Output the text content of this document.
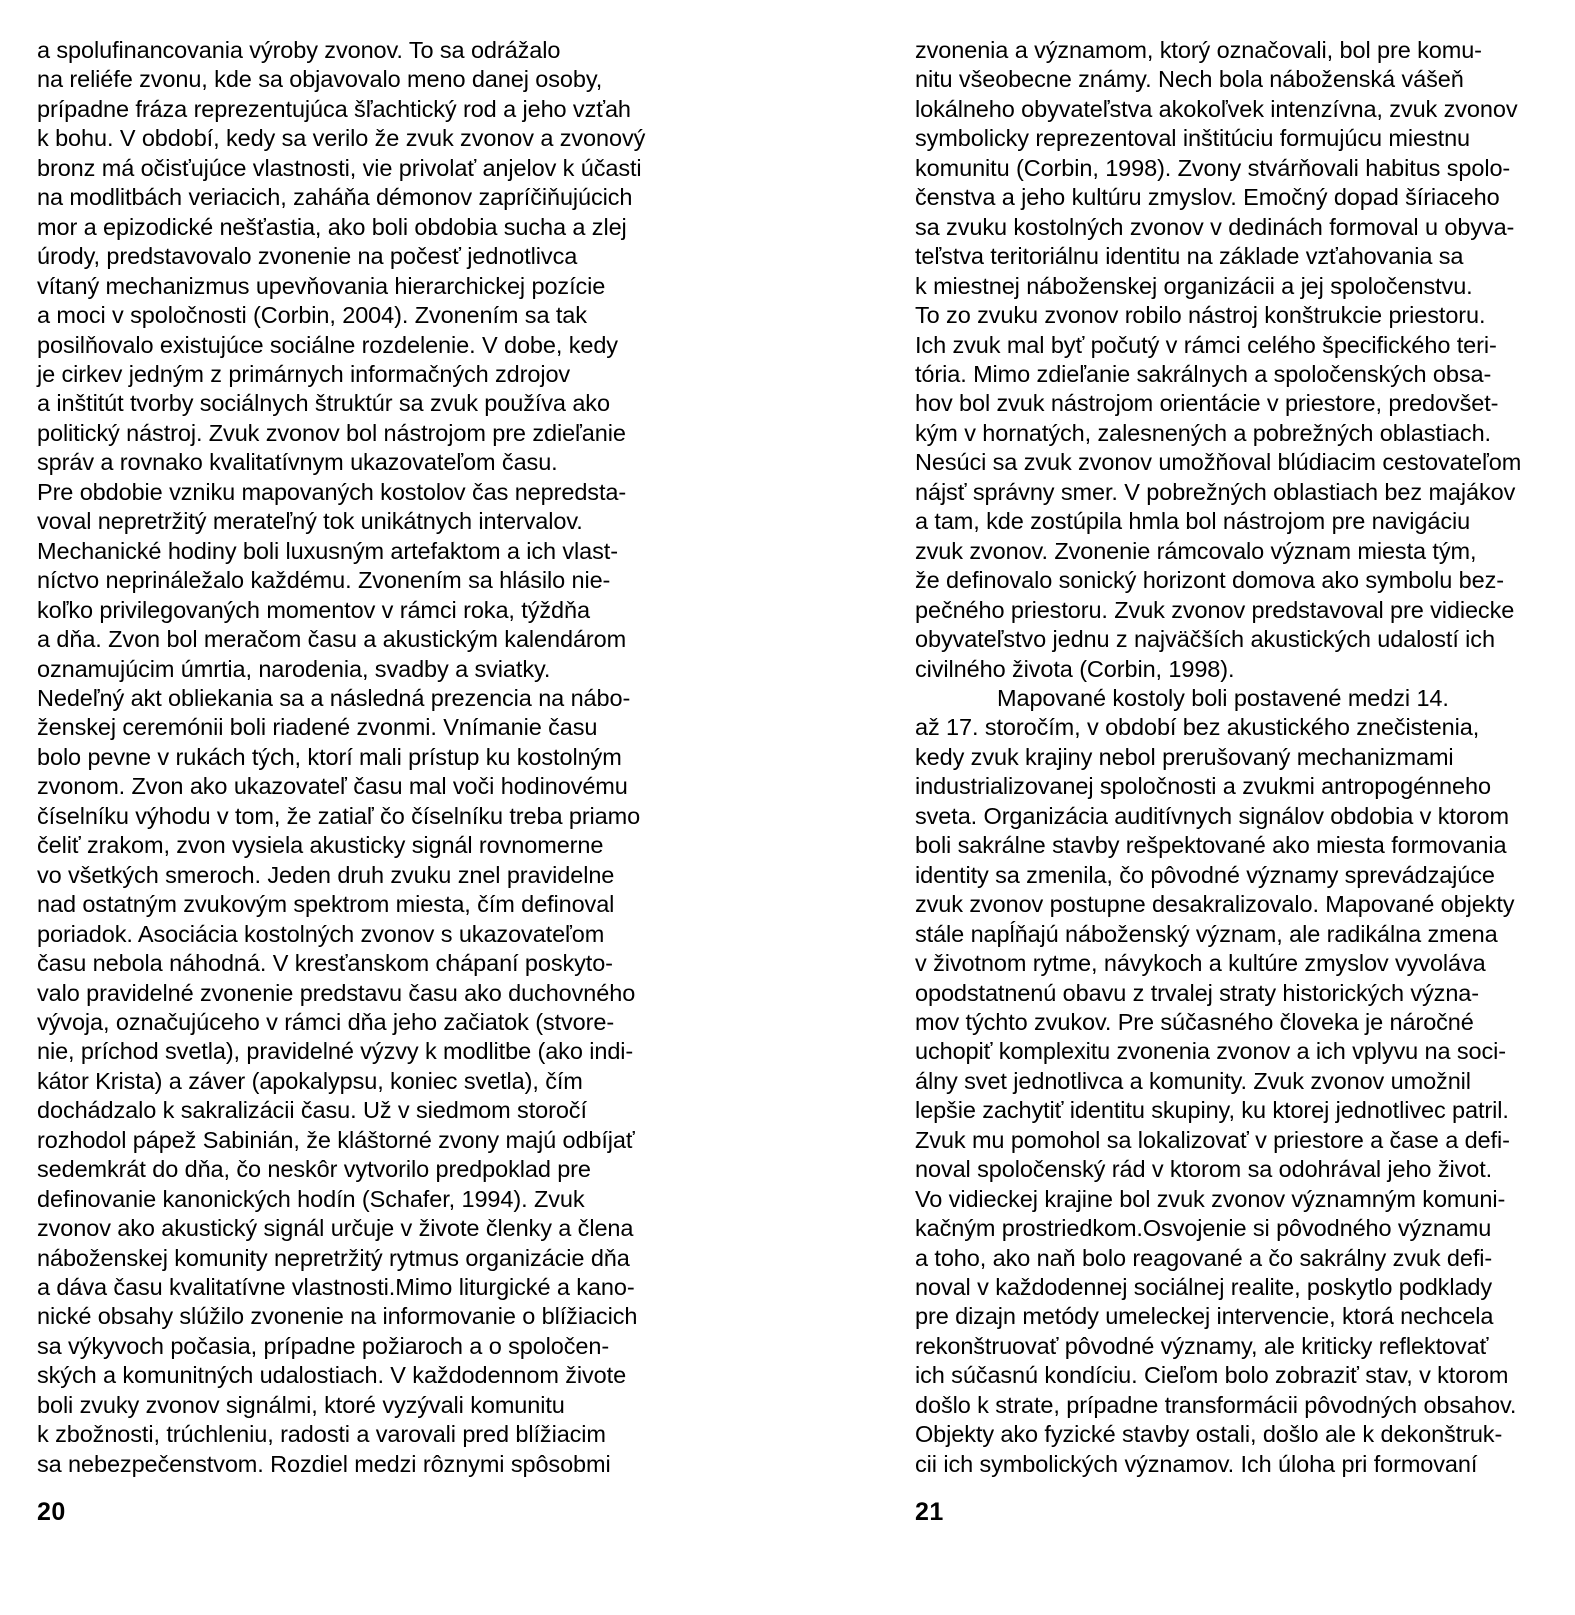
a spolufinancovania výroby zvonov. To sa odrážalo
na reliéfe zvonu, kde sa objavovalo meno danej osoby,
prípadne fráza reprezentujúca šľachtický rod a jeho vzťah
k bohu. V období, kedy sa verilo že zvuk zvonov a zvonový
bronz má očisťujúce vlastnosti, vie privolať anjelov k účasti
na modlitbách veriacich, zaháňa démonov zapríčiňujúcich
mor a epizodické nešťastia, ako boli obdobia sucha a zlej
úrody, predstavovalo zvonenie na počesť jednotlivca
vítaný mechanizmus upevňovania hierarchickej pozície
a moci v spoločnosti (Corbin, 2004). Zvonením sa tak
posilňovalo existujúce sociálne rozdelenie. V dobe, kedy
je cirkev jedným z primárnych informačných zdrojov
a inštitút tvorby sociálnych štruktúr sa zvuk používa ako
politický nástroj. Zvuk zvonov bol nástrojom pre zdieľanie
správ a rovnako kvalitatívnym ukazovateľom času.
Pre obdobie vzniku mapovaných kostolov čas nepredsta-
voval nepretržitý merateľný tok unikátnych intervalov.
Mechanické hodiny boli luxusným artefaktom a ich vlast-
níctvo neprináležalo každému. Zvonením sa hlásilo nie-
koľko privilegovaných momentov v rámci roka, týždňa
a dňa. Zvon bol meračom času a akustickým kalendárom
oznamujúcim úmrtia, narodenia, svadby a sviatky.
Nedeľný akt obliekania sa a následná prezencia na nábo-
ženskej ceremónii boli riadené zvonmi. Vnímanie času
bolo pevne v rukách tých, ktorí mali prístup ku kostolným
zvonom. Zvon ako ukazovateľ času mal voči hodinovému
číselníku výhodu v tom, že zatiaľ čo číselníku treba priamo
čeliť zrakom, zvon vysiela akusticky signál rovnomerne
vo všetkých smeroch. Jeden druh zvuku znel pravidelne
nad ostatným zvukovým spektrom miesta, čím definoval
poriadok. Asociácia kostolných zvonov s ukazovateľom
času nebola náhodná. V kresťanskom chápaní poskyto-
valo pravidelné zvonenie predstavu času ako duchovného
vývoja, označujúceho v rámci dňa jeho začiatok (stvore-
nie, príchod svetla), pravidelné výzvy k modlitbe (ako indi-
kátor Krista) a záver (apokalypsu, koniec svetla), čím
dochádzalo k sakralizácii času. Už v siedmom storočí
rozhodol pápež Sabinián, že kláštorné zvony majú odbíjať
sedemkrát do dňa, čo neskôr vytvorilo predpoklad pre
definovanie kanonických hodín (Schafer, 1994). Zvuk
zvonov ako akustický signál určuje v živote členky a člena
náboženskej komunity nepretržitý rytmus organizácie dňa
a dáva času kvalitatívne vlastnosti.Mimo liturgické a kano-
nické obsahy slúžilo zvonenie na informovanie o blížiacich
sa výkyvoch počasia, prípadne požiaroch a o spoločen-
ských a komunitných udalostiach. V každodennom živote
boli zvuky zvonov signálmi, ktoré vyzývali komunitu
k zbožnosti, trúchleniu, radosti a varovali pred blížiacim
sa nebezpečenstvom. Rozdiel medzi rôznymi spôsobmi
20
zvonenia a významom, ktorý označovali, bol pre komu-
nitu všeobecne známy. Nech bola náboženská vášeň
lokálneho obyvateľstva akokoľvek intenzívna, zvuk zvonov
symbolicky reprezentoval inštitúciu formujúcu miestnu
komunitu (Corbin, 1998). Zvony stvárňovali habitus spolo-
čenstva a jeho kultúru zmyslov. Emočný dopad šíriaceho
sa zvuku kostolných zvonov v dedinách formoval u obyva-
teľstva teritoriálnu identitu na základe vzťahovania sa
k miestnej náboženskej organizácii a jej spoločenstvu.
To zo zvuku zvonov robilo nástroj konštrukcie priestoru.
Ich zvuk mal byť počutý v rámci celého špecifického teri-
tória. Mimo zdieľanie sakrálnych a spoločenských obsa-
hov bol zvuk nástrojom orientácie v priestore, predovšet-
kým v hornatých, zalesnených a pobrežných oblastiach.
Nesúci sa zvuk zvonov umožňoval blúdiacim cestovateľom
nájsť správny smer. V pobrežných oblastiach bez majákov
a tam, kde zostúpila hmla bol nástrojom pre navigáciu
zvuk zvonov. Zvonenie rámcovalo význam miesta tým,
že definovalo sonický horizont domova ako symbolu bez-
pečného priestoru. Zvuk zvonov predstavoval pre vidiecke
obyvateľstvo jednu z najväčších akustických udalostí ich
civilného života (Corbin, 1998).
Mapované kostoly boli postavené medzi 14.
až 17. storočím, v období bez akustického znečistenia,
kedy zvuk krajiny nebol prerušovaný mechanizmami
industrializovanej spoločnosti a zvukmi antropogénneho
sveta. Organizácia auditívnych signálov obdobia v ktorom
boli sakrálne stavby rešpektované ako miesta formovania
identity sa zmenila, čo pôvodné významy sprevádzajúce
zvuk zvonov postupne desakralizovalo. Mapované objekty
stále napĺňajú náboženský význam, ale radikálna zmena
v životnom rytme, návykoch a kultúre zmyslov vyvoláva
opodstatnenú obavu z trvalej straty historických význa-
mov týchto zvukov. Pre súčasného človeka je náročné
uchopiť komplexitu zvonenia zvonov a ich vplyvu na soci-
álny svet jednotlivca a komunity. Zvuk zvonov umožnil
lepšie zachytiť identitu skupiny, ku ktorej jednotlivec patril.
Zvuk mu pomohol sa lokalizovať v priestore a čase a defi-
noval spoločenský rád v ktorom sa odohrával jeho život.
Vo vidieckej krajine bol zvuk zvonov významným komuni-
kačným prostriedkom.Osvojenie si pôvodného významu
a toho, ako naň bolo reagované a čo sakrálny zvuk defi-
noval v každodennej sociálnej realite, poskytlo podklady
pre dizajn metódy umeleckej intervencie, ktorá nechcela
rekonštruovať pôvodné významy, ale kriticky reflektovať
ich súčasnú kondíciu. Cieľom bolo zobraziť stav, v ktorom
došlo k strate, prípadne transformácii pôvodných obsahov.
Objekty ako fyzické stavby ostali, došlo ale k dekonštruk-
cii ich symbolických významov. Ich úloha pri formovaní
21
